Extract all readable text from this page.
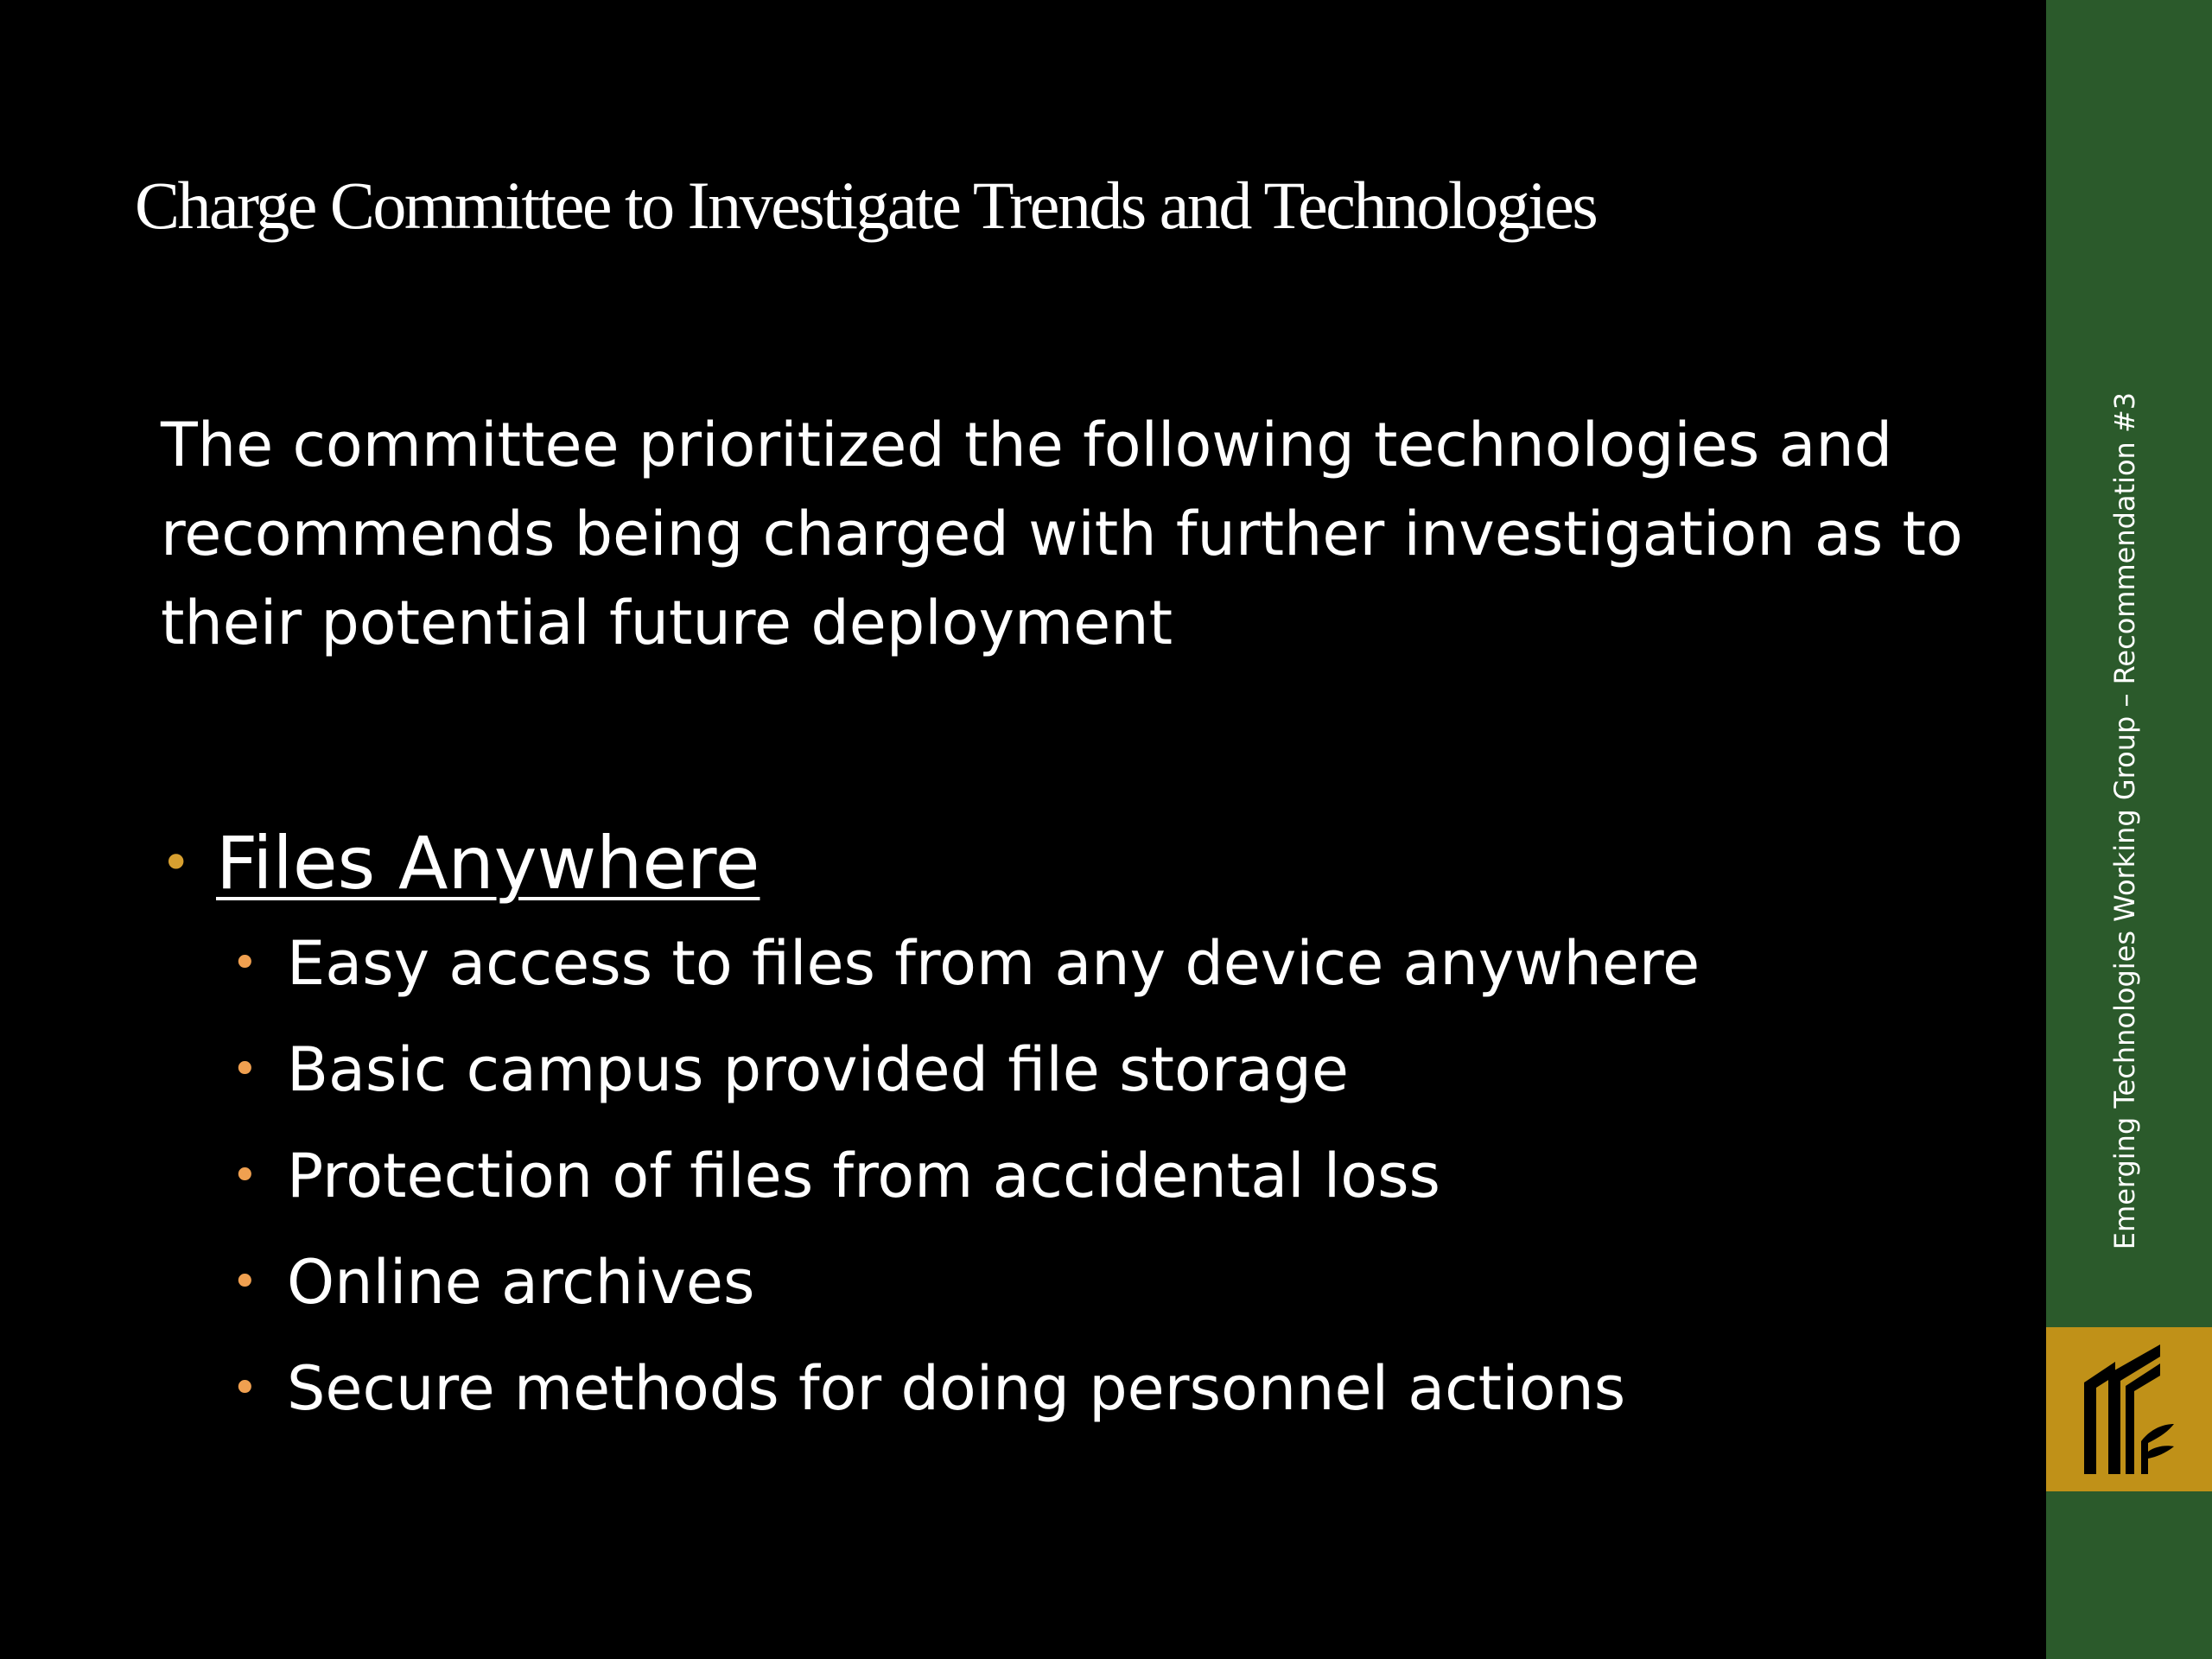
Charge Committee to Investigate Trends and Technologies

The committee prioritized the following technologies and recommends being charged with further investigation as to their potential future deployment

• Files Anywhere
• Easy access to files from any device anywhere
• Basic campus provided file storage
• Protection of files from accidental loss
• Online archives
• Secure methods for doing personnel actions
Emerging Technologies Working Group – Recommendation #3
